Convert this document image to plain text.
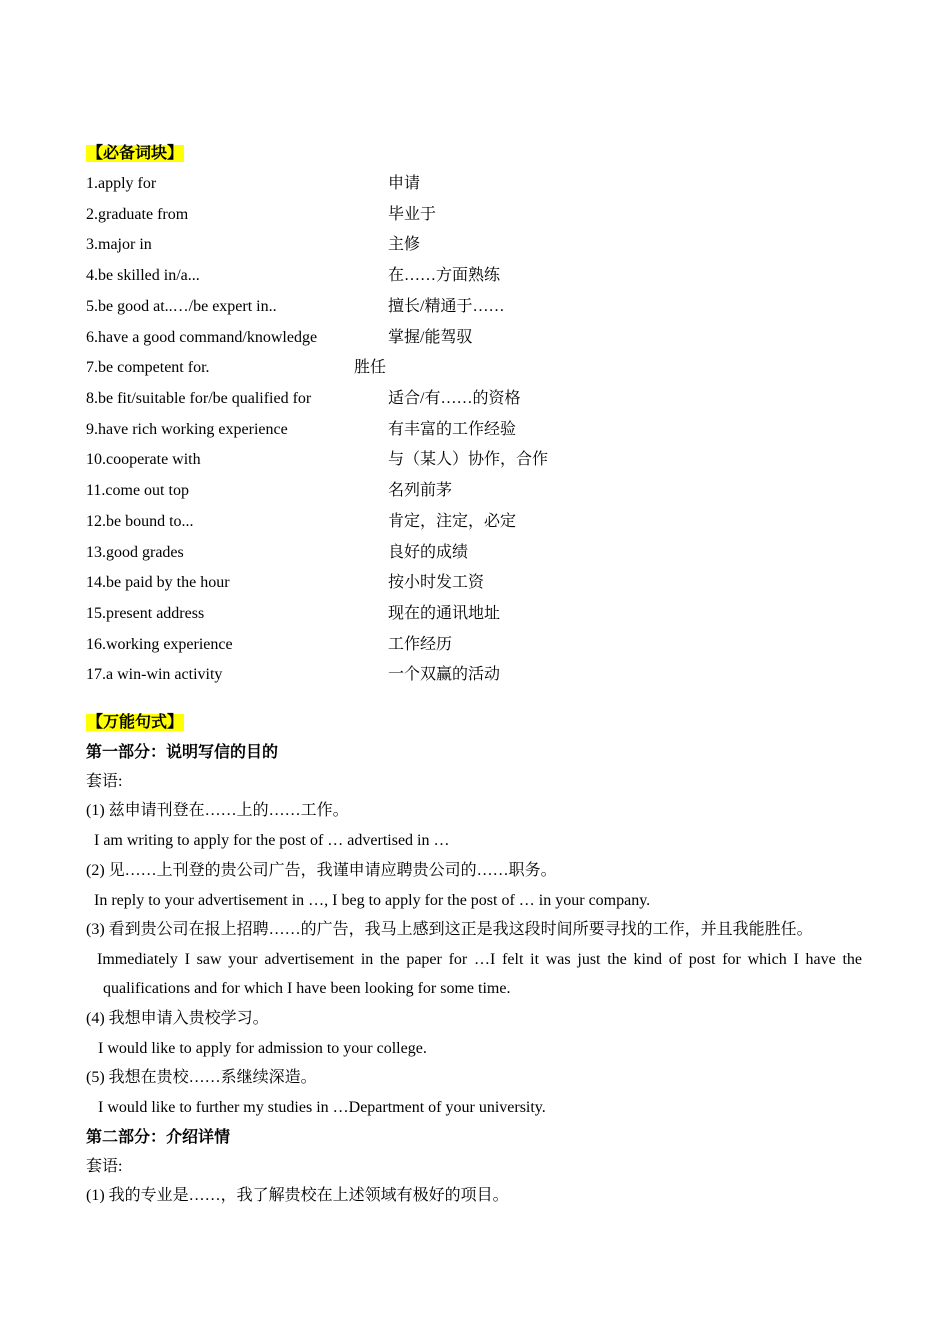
【必备词块】
1.apply for	申请
2.graduate from	毕业于
3.major in	主修
4.be skilled in/a...	在……方面熟练
5.be good at..…/be expert in..	擅长/精通于……
6.have a good command/knowledge	掌握/能驾驭
7.be competent for.	胜任
8.be fit/suitable for/be qualified for	适合/有……的资格
9.have rich working experience	有丰富的工作经验
10.cooperate with	与（某人）协作，合作
11.come out top	名列前茅
12.be bound to...	肯定，注定，必定
13.good grades	良好的成绩
14.be paid by the hour	按小时发工资
15.present address	现在的通讯地址
16.working experience	工作经历
17.a win-win activity	一个双赢的活动
【万能句式】
第一部分：说明写信的目的
套语:
(1) 兹申请刊登在……上的……工作。
I am writing to apply for the post of … advertised in …
(2) 见……上刊登的贵公司广告，我谨申请应聘贵公司的……职务。
In reply to your advertisement in …, I beg to apply for the post of … in your company.
(3) 看到贵公司在报上招聘……的广告，我马上感到这正是我这段时间所要寻找的工作，并且我能胜任。
Immediately I saw your advertisement in the paper for …I felt it was just the kind of post for which I have the
qualifications and for which I have been looking for some time.
(4) 我想申请入贵校学习。
I would like to apply for admission to your college.
(5) 我想在贵校……系继续深造。
I would like to further my studies in …Department of your university.
第二部分：介绍详情
套语:
(1) 我的专业是……，我了解贵校在上述领域有极好的项目。
